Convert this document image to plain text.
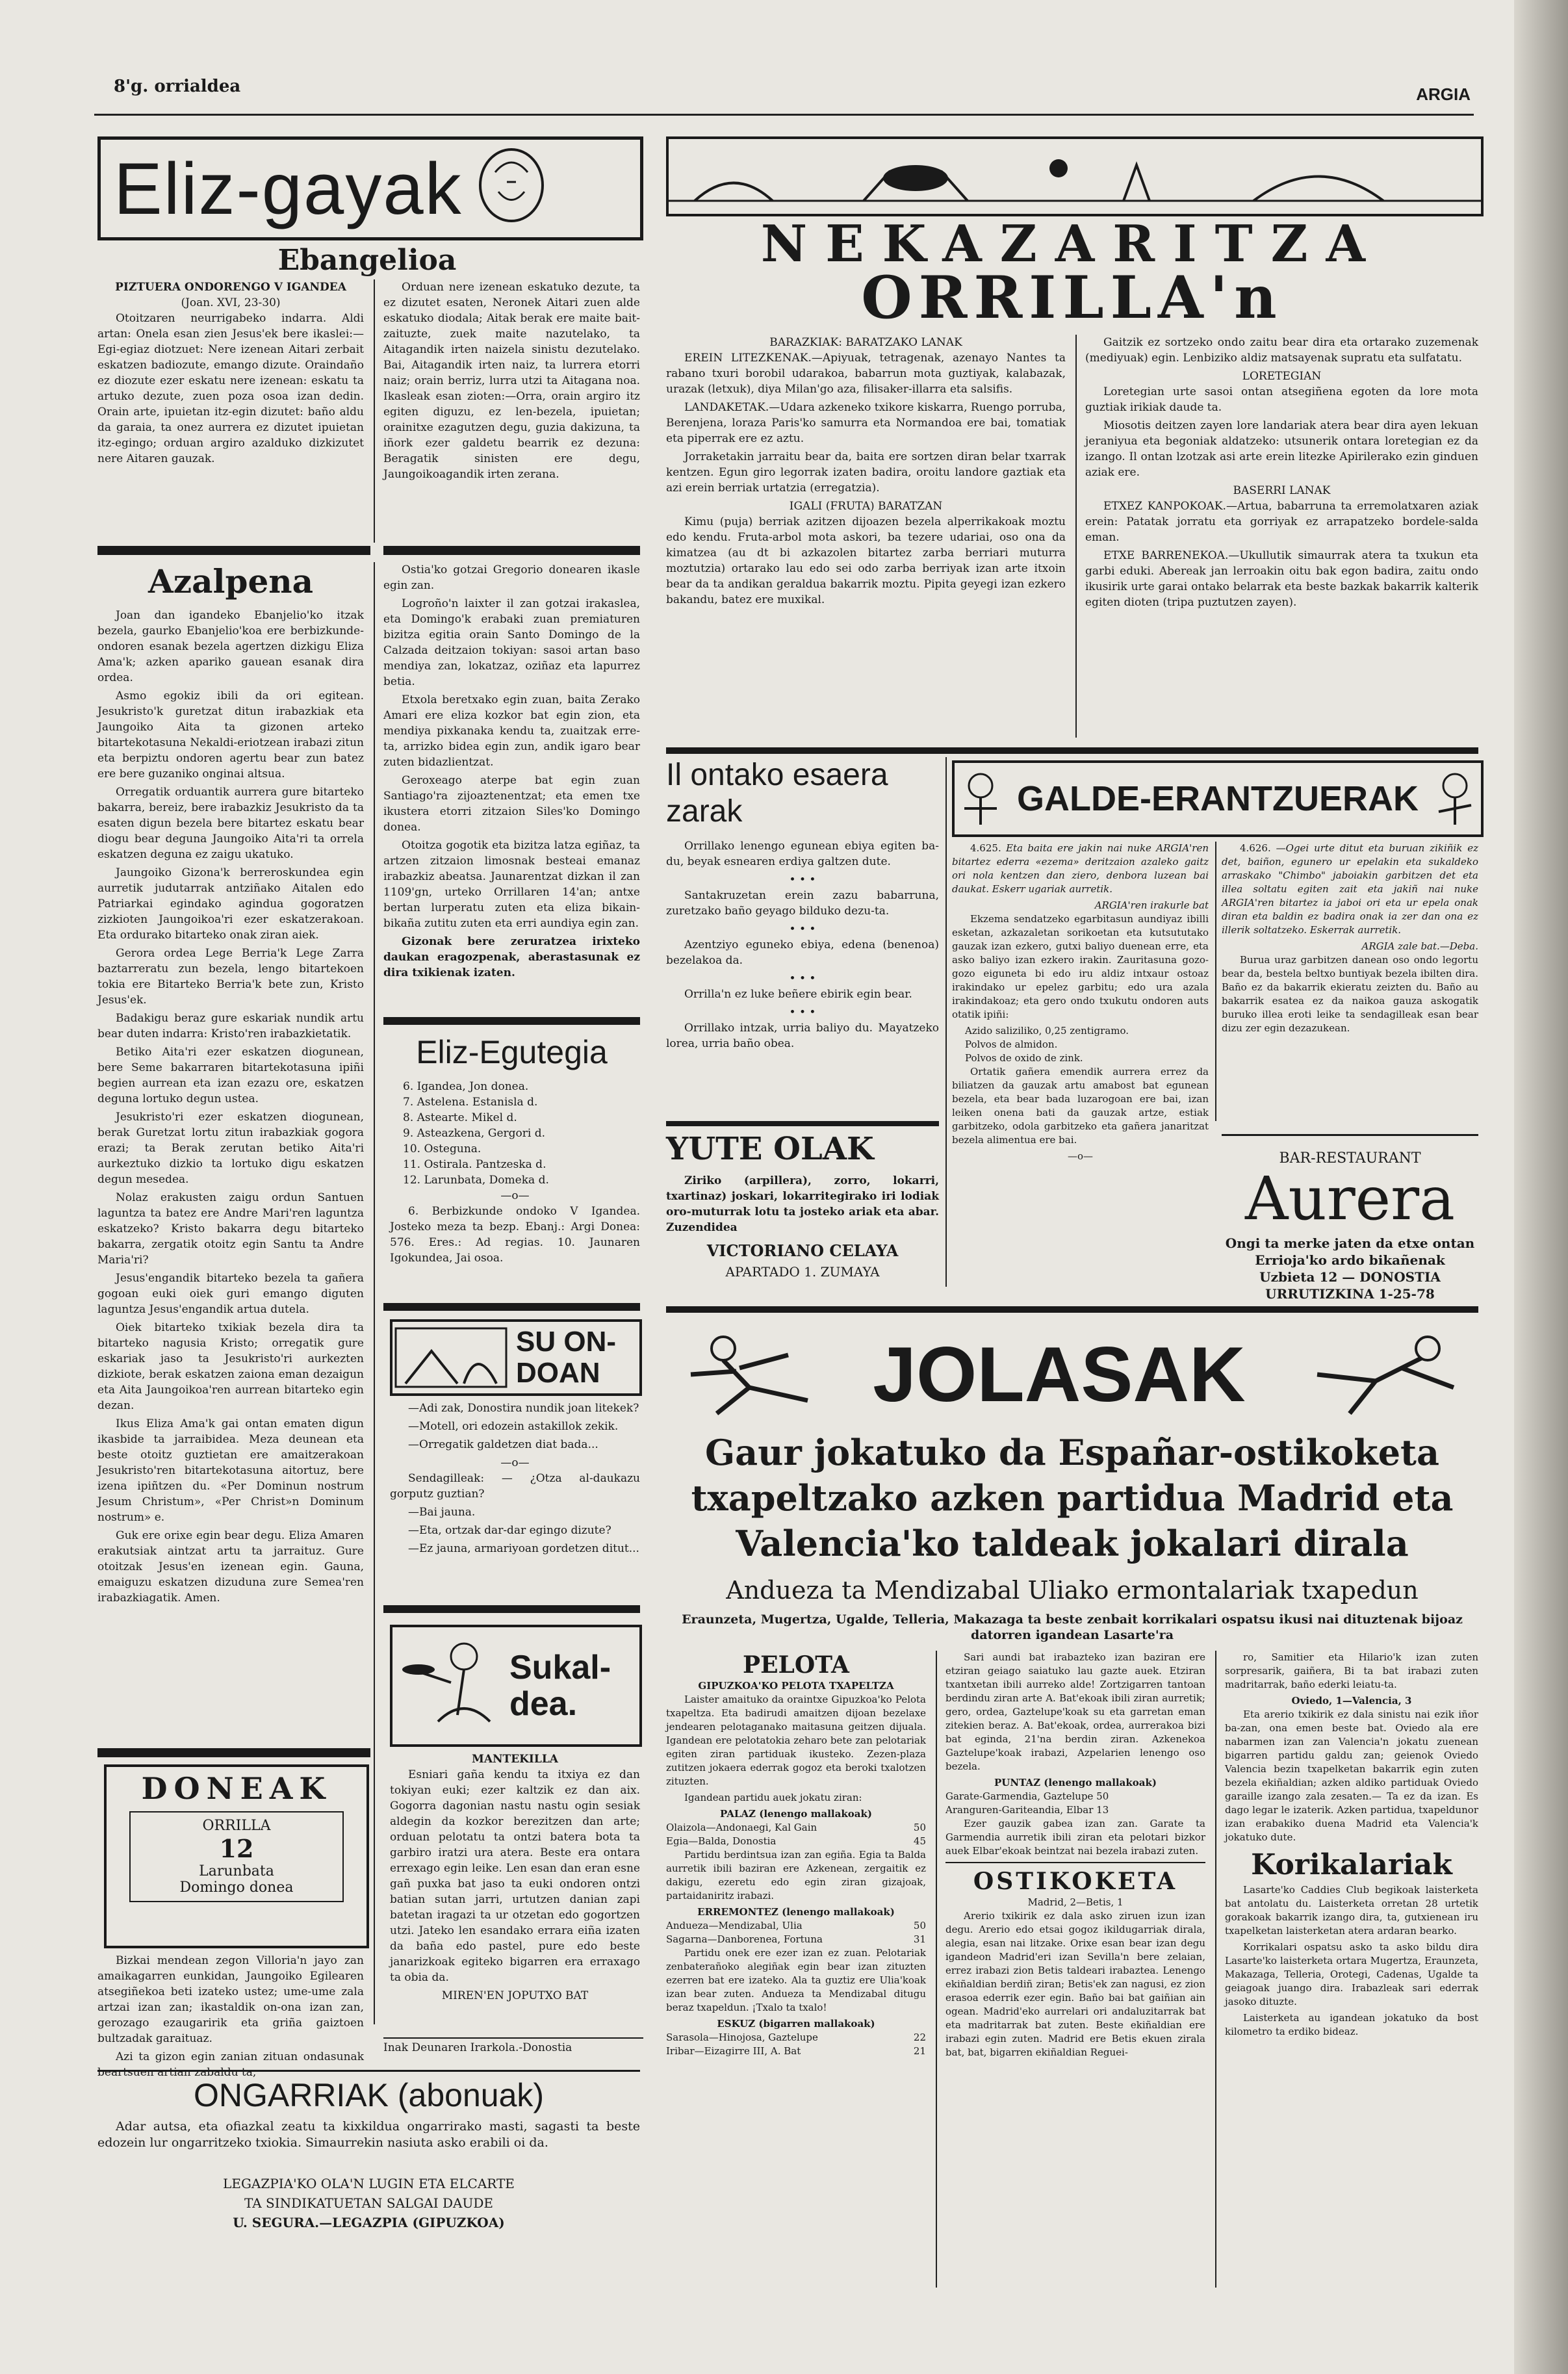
8'g. orrialdea	ARGIA
Eliz-gayak
Ebangelioa
PIZTUERA ONDORENGO V IGANDEA
(Joan. XVI, 23-30)

Otoitzaren neurrigabeko indarra. Aldi artan: Onela esan zien Jesus'ek bere ikaslei:—Egi-egiaz diotzuet: Nere izenean Aitari zerbait eskatzen badiozute, emango dizute. Oraindaño ez diozute ezer eskatu nere izenean: eskatu ta artuko dezute, zuen poza osoa izan dedin. Orain arte, ipuietan itz-egin dizutet: baño aldu da garaia, ta onez aurrera ez dizutet ipuietan itz-egingo; orduan argiro azalduko dizkizutet nere Aitaren gauzak.

Orduan nere izenean eskatuko dezute, ta ez dizutet esaten, Neronek Aitari zuen alde eskatuko diodala; Aitak berak ere maite bait-zaituzte, zuek maite nazutelako, ta Aitagandik irten naizela sinistu dezutelako. Bai, Aitagandik irten naiz, ta lurrera etorri naiz; orain berriz, lurra utzi ta Aitagana noa. Ikasleak esan zioten:—Orra, orain argiro itz egiten diguzu, ez len-bezela, ipuietan; orainitxe ezagutzen degu, guzia dakizuna, ta iñork ezer galdetu bearrik ez dezuna: Beragatik sinisten ere degu, Jaungoikoagandik irten zerana.

Azalpena

Joan dan igandeko Ebanjelio'ko itzak bezela, gaurko Ebanjelio'koa ere berbizkunde-ondoren esanak bezela agertzen dizkigu Eliza Ama'k; azken apariko gauean esanak dira ordea.

Asmo egokiz ibili da ori egitean. Jesukristo'k guretzat ditun irabazkiak eta Jaungoiko Aita ta gizonen arteko bitartekotasuna Nekaldi-eriotzean irabazi zitun eta berpiztu ondoren agertu bear zun batez ere bere guzaniko onginai altsua.

Orregatik orduantik aurrera gure bitarteko bakarra, bereiz, bere irabazkiz Jesukristo da ta esaten digun bezela bere bitartez eskatu bear diogu bear deguna Jaungoiko Aita'ri ta orrela eskatzen deguna ez zaigu ukatuko.

Jaungoiko Gizona'k berreroskundea egin aurretik judutarrak antziñako Aitalen edo Patriarkai egindako agindua gogoratzen zizkioten Jaungoikoa'ri ezer eskatzerakoan. Eta ordurako bitarteko onak ziran aiek.

Gerora ordea Lege Berria'k Lege Zarra baztarreratu zun bezela, lengo bitartekoen tokia ere Bitarteko Berria'k bete zun, Kristo Jesus'ek.

Badakigu beraz gure eskariak nundik artu bear duten indarra: Kristo'ren irabazkietatik.

Betiko Aita'ri ezer eskatzen diogunean, bere Seme bakarraren bitartekotasuna ipiñi begien aurrean eta izan ezazu ore, eskatzen deguna lortuko degun ustea.

Jesukristo'ri ezer eskatzen diogunean, berak Guretzat lortu zitun irabazkiak gogora erazi; ta Berak zerutan betiko Aita'ri aurkeztuko dizkio ta lortuko digu eskatzen degun mesedea.

Nolaz erakusten zaigu ordun Santuen laguntza ta batez ere Andre Mari'ren laguntza eskatzeko? Kristo bakarra degu bitarteko bakarra, zergatik otoitz egin Santu ta Andre Maria'ri?

Jesus'engandik bitarteko bezela ta gañera gogoan euki oiek guri emango diguten laguntza Jesus'engandik artua dutela.

Oiek bitarteko txikiak bezela dira ta bitarteko nagusia Kristo; orregatik gure eskariak jaso ta Jesukristo'ri aurkezten dizkiote, berak eskatzen zaiona eman dezaigun eta Aita Jaungoikoa'ren aurrean bitarteko egin dezan.

Ikus Eliza Ama'k gai ontan ematen digun ikasbide ta jarraibidea. Meza deunean eta beste otoitz guztietan ere amaitzerakoan Jesukristo'ren bitartekotasuna aitortuz, bere izena ipiñtzen du. «Per Dominun nostrum Jesum Christum», «Per Christ»n Dominum nostrum» e.

Guk ere orixe egin bear degu. Eliza Amaren erakutsiak aintzat artu ta jarraituz. Gure otoitzak Jesus'en izenean egin. Gauna, emaiguzu eskatzen dizuduna zure Semea'ren irabazkiagatik. Amen.

Ostia'ko gotzai Gregorio donearen ikasle egin zan.

Logroño'n laixter il zan gotzai irakaslea, eta Domingo'k erabaki zuan premiaturen bizitza egitia orain Santo Domingo de la Calzada deitzaion tokiyan: sasoi artan baso mendiya zan, lokatzaz, oziñaz eta lapurrez betia.

Etxola beretxako egin zuan, baita Zerako Amari ere eliza kozkor bat egin zion, eta mendiya pixkanaka kendu ta, zuaitzak erre-ta, arrizko bidea egin zun, andik igaro bear zuten bidazlientzat.

Geroxeago aterpe bat egin zuan Santiago'ra zijoaztenentzat; eta emen txe ikustera etorri zitzaion Siles'ko Domingo donea.

Otoitza gogotik eta bizitza latza egiñaz, ta artzen zitzaion limosnak besteai emanaz irabazkiz abeatsa. Jaunarentzat dizkan il zan 1109'gn, urteko Orrillaren 14'an; antxe bertan lurperatu zuten eta eliza bikain-bikaña zutitu zuten eta erri aundiya egin zan.

Gizonak bere zeruratzea irixteko daukan eragozpenak, aberastasunak ez dira txikienak izaten.

Eliz-Egutegia
6. Igandea, Jon donea.
7. Astelena. Estanisla d.
8. Astearte. Mikel d.
9. Asteazkena, Gergori d.
10. Osteguna.
11. Ostirala. Pantzeska d.
12. Larunbata, Domeka d.
—o—

6. Berbizkunde ondoko V Igandea. Josteko meza ta bezp. Ebanj.: Argi Donea: 576. Eres.: Ad regias. 10. Jaunaren Igokundea, Jai osoa.

SU ON-DOAN

—Adi zak, Donostira nundik joan litekek?

—Motell, ori edozein astakillok zekik.

—Orregatik galdetzen diat bada...

—o—

Sendagilleak: — ¿Otza al-daukazu gorputz guztian?

—Bai jauna.

—Eta, ortzak dar-dar egingo dizute?

—Ez jauna, armariyoan gordetzen ditut...

Sukal-dea.
MANTEKILLA

Esniari gaña kendu ta itxiya ez dan tokiyan euki; ezer kaltzik ez dan aix. Gogorra dagonian nastu nastu ogin sesiak aldegin da kozkor berezitzen dan arte; orduan pelotatu ta ontzi batera bota ta garbiro iratzi ura atera. Beste era ontara errexago egin leike. Len esan dan eran esne gañ puxka bat jaso ta euki ondoren ontzi batian sutan jarri, urtutzen danian zapi batetan iragazi ta ur otzetan edo gogortzen utzi. Jateko len esandako errara eiña izaten da baña edo pastel, pure edo beste janarizkoak egiteko bigarren era erraxago ta obia da.

MIREN'EN JOPUTXO BAT
Inak Deunaren Irarkola.-Donostia
DONEAK
ORRILLA
12
Larunbata
Domingo donea

Bizkai mendean zegon Villoria'n jayo zan amaikagarren eunkidan, Jaungoiko Egilearen atsegiñekoa beti izateko ustez; ume-ume zala artzai izan zan; ikastaldik on-ona izan zan, gerozago ezaugaririk eta griña gaiztoen bultzadak garaituaz.

Azi ta gizon egin zanian zituan ondasunak beartsuen artian zabaldu ta,

ONGARRIAK (abonuak)

Adar autsa, eta ofiazkal zeatu ta kixkildua ongarrirako masti, sagasti ta beste edozein lur ongarritzeko txiokia. Simaurrekin nasiuta asko erabili oi da.

LEGAZPIA'KO OLA'N LUGIN ETA ELCARTE
TA SINDIKATUETAN SALGAI DAUDE
U. SEGURA.—LEGAZPIA (GIPUZKOA)
NEKAZARITZA
ORRILLA'n
BARAZKIAK: BARATZAKO LANAK

EREIN LITEZKENAK.—Apiyuak, tetragenak, azenayo Nantes ta rabano txuri borobil udarakoa, babarrun mota guztiyak, kalabazak, urazak (letxuk), diya Milan'go aza, filisaker-illarra eta salsifis.

LANDAKETAK.—Udara azkeneko txikore kiskarra, Ruengo porruba, Berenjena, loraza Paris'ko samurra eta Normandoa ere bai, tomatiak eta piperrak ere ez aztu.

Jorraketakin jarraitu bear da, baita ere sortzen diran belar txarrak kentzen. Egun giro legorrak izaten badira, oroitu landore gaztiak eta azi erein berriak urtatzia (erregatzia).

IGALI (FRUTA) BARATZAN

Kimu (puja) berriak azitzen dijoazen bezela alperrikakoak moztu edo kendu. Fruta-arbol mota askori, ba tezere udariai, oso ona da kimatzea (au dt bi azkazolen bitartez zarba berriari muturra moztutzia) ortarako lau edo sei odo zarba berriyak izan arte itxoin bear da ta andikan geraldua bakarrik moztu. Pipita geyegi izan ezkero bakandu, batez ere muxikal.

Gaitzik ez sortzeko ondo zaitu bear dira eta ortarako zuzemenak (mediyuak) egin. Lenbiziko aldiz matsayenak supratu eta sulfatatu.

LORETEGIAN

Loretegian urte sasoi ontan atsegiñena egoten da lore mota guztiak irikiak daude ta.

Miosotis deitzen zayen lore landariak atera bear dira ayen lekuan jeraniyua eta begoniak aldatzeko: utsunerik ontara loretegian ez da izango. Il ontan lzotzak asi arte erein litezke Apirilerako ezin ginduen aziak ere.

BASERRI LANAK

ETXEZ KANPOKOAK.—Artua, babarruna ta erremolatxaren aziak erein: Patatak jorratu eta gorriyak ez arrapatzeko bordele-salda eman.

ETXE BARRENEKOA.—Ukullutik simaurrak atera ta txukun eta garbi eduki. Abereak jan lerroakin oitu bak egon badira, zaitu ondo ikusirik urte garai ontako belarrak eta beste bazkak bakarrik kalterik egiten dioten (tripa puztutzen zayen).

Il ontako esaera zarak

Orrillako lenengo egunean ebiya egiten ba-du, beyak esnearen erdiya galtzen dute.

• • •

Santakruzetan erein zazu babarruna, zuretzako baño geyago bilduko dezu-ta.

• • •

Azentziyo eguneko ebiya, edena (benenoa) bezelakoa da.

• • •

Orrilla'n ez luke beñere ebirik egin bear.

• • •

Orrillako intzak, urria baliyo du. Mayatzeko lorea, urria baño obea.

YUTE OLAK

Ziriko (arpillera), zorro, lokarri, txartinaz) joskari, lokarritegirako iri lodiak oro-muturrak lotu ta josteko ariak eta abar. Zuzendidea

VICTORIANO CELAYA
APARTADO 1. ZUMAYA
GALDE-ERANTZUERAK

4.625. Eta baita ere jakin nai nuke ARGIA'ren bitartez ederra «ezema» deritzaion azaleko gaitz ori nola kentzen dan ziero, denbora luzean bai daukat. Eskerr ugariak aurretik.

ARGIA'ren irakurle bat

Ekzema sendatzeko egarbitasun aundiyaz ibilli esketan, azkazaletan sorikoetan eta kutsututako gauzak izan ezkero, gutxi baliyo duenean erre, eta asko baliyo izan ezkero irakin. Zauritasuna gozo-gozo eiguneta bi edo iru aldiz intxaur ostoaz irakindako ur epelez garbitu; edo ura azala irakindakoaz; eta gero ondo txukutu ondoren auts otatik ipiñi:

Azido saliziliko, 0,25 zentigramo.
Polvos de almidon.
Polvos de oxido de zink.

Ortatik gañera emendik aurrera errez da biliatzen da gauzak artu amabost bat egunean bezela, eta bear bada luzarogoan ere bai, izan leiken onena bati da gauzak artze, estiak garbitzeko, odola garbitzeko eta gañera janaritzat bezela alimentua ere bai.

—o—

4.626. —Ogei urte ditut eta buruan zikiñik ez det, baiñon, egunero ur epelakin eta sukaldeko arraskako "Chimbo" jaboiakin garbitzen det eta illea soltatu egiten zait eta jakiñ nai nuke ARGIA'ren bitartez ia jaboi ori eta ur epela onak diran eta baldin ez badira onak ia zer dan ona ez illerik soltatzeko. Eskerrak aurretik.

ARGIA zale bat.—Deba.

Burua uraz garbitzen danean oso ondo legortu bear da, bestela beltxo buntiyak bezela ibilten dira. Baño ez da bakarrik ekieratu zeizten du. Baño au bakarrik esatea ez da naikoa gauza askogatik buruko illea eroti leike ta sendagilleak esan bear dizu zer egin dezazukean.

BAR-RESTAURANT
Aurera
Ongi ta merke jaten da etxe ontan
Errioja'ko ardo bikañenak
Uzbieta 12 — DONOSTIA
URRUTIZKINA 1-25-78
JOLASAK
Gaur jokatuko da Españar-ostikoketa txapeltzako azken partidua Madrid eta Valencia'ko taldeak jokalari dirala
Andueza ta Mendizabal Uliako ermontalariak txapedun
Eraunzeta, Mugertza, Ugalde, Telleria, Makazaga ta beste zenbait korrikalari ospatsu ikusi nai dituztenak bijoaz datorren igandean Lasarte'ra
PELOTA
GIPUZKOA'KO PELOTA TXAPELTZA

Laister amaituko da oraintxe Gipuzkoa'ko Pelota txapeltza. Eta badirudi amaitzen dijoan bezelaxe jendearen pelotaganako maitasuna geitzen dijuala. Igandean ere pelotatokia zeharo bete zan pelotariak egiten ziran partiduak ikusteko. Zezen-plaza zutitzen jokaera ederrak gogoz eta beroki txalotzen zituzten.

Igandean partidu auek jokatu ziran:

PALAZ (lenengo mallakoak)
Olaizola—Andonaegi, Kal Gain	50
Egia—Balda, Donostia	45

Partidu berdintsua izan zan egiña. Egia ta Balda aurretik ibili baziran ere Azkenean, zergaitik ez dakigu, ezeretu edo egin ziran gizajoak, partaidaniritz irabazi.

ERREMONTEZ (lenengo mallakoak)
Andueza—Mendizabal, Ulia	50
Sagarna—Danborenea, Fortuna	31

Partidu onek ere ezer izan ez zuan. Pelotariak zenbaterañoko alegiñak egin bear izan zituzten ezerren bat ere izateko. Ala ta guztiz ere Ulia'koak izan bear zuten. Andueza ta Mendizabal ditugu beraz txapeldun. ¡Txalo ta txalo!

ESKUZ (bigarren mallakoak)
Sarasola—Hinojosa, Gaztelupe	22
Iribar—Eizagirre III, A. Bat	21

Sari aundi bat irabazteko izan baziran ere etziran geiago saiatuko lau gazte auek. Etziran txantxetan ibili aurreko alde! Zortzigarren tantoan berdindu ziran arte A. Bat'ekoak ibili ziran aurretik; gero, ordea, Gaztelupe'koak su eta garretan eman zitekien beraz. A. Bat'ekoak, ordea, aurrerakoa bizi bat eginda, 21'na berdin ziran. Azkenekoa Gaztelupe'koak irabazi, Azpelarien lenengo oso bezela.

PUNTAZ (lenengo mallakoak)
Garate-Garmendia, Gaztelupe 50
Aranguren-Gariteandia, Elbar 13

Ezer gauzik gabea izan zan. Garate ta Garmendia aurretik ibili ziran eta pelotari bizkor auek Elbar'ekoak beintzat nai bezela irabazi zuten.

OSTIKOKETA
Madrid, 2—Betis, 1

Arerio txikirik ez dala asko ziruen izun izan degu. Arerio edo etsai gogoz ikildugarriak dirala, alegia, esan nai litzake. Orixe esan bear izan degu igandeon Madrid'eri izan Sevilla'n bere zelaian, errez irabazi zion Betis taldeari irabaztea. Lenengo ekiñaldian berdiñ ziran; Betis'ek zan nagusi, ez zion erasoa ederrik ezer egin. Baño bai bat gaiñian ain ogean. Madrid'eko aurrelari ori andaluzitarrak bat eta madritarrak bat zuten. Beste ekiñaldian ere irabazi egin zuten. Madrid ere Betis ekuen zirala bat, bat, bigarren ekiñaldian Reguei-

ro, Samitier eta Hilario'k izan zuten sorpresarik, gaiñera, Bi ta bat irabazi zuten madritarrak, baño ederki leiatu-ta.

Oviedo, 1—Valencia, 3

Eta arerio txikirik ez dala sinistu nai ezik iñor ba-zan, ona emen beste bat. Oviedo ala ere nabarmen izan zan Valencia'n jokatu zuenean bigarren partidu galdu zan; geienok Oviedo Valencia bezin txapelketan bakarrik egin zuten bezela ekiñaldian; azken aldiko partiduak Oviedo garaille izango zala zesaten.— Ta ez da izan. Es dago legar le izaterik. Azken partidua, txapeldunor izan erabakiko duena Madrid eta Valencia'k jokatuko dute.

Korikalariak

Lasarte'ko Caddies Club begikoak laisterketa bat antolatu du. Laisterketa orretan 28 urtetik gorakoak bakarrik izango dira, ta, gutxienean iru txapelketan laisterketan atera ardaran bearko.

Korrikalari ospatsu asko ta asko bildu dira Lasarte'ko laisterketa ortara Mugertza, Eraunzeta, Makazaga, Telleria, Orotegi, Cadenas, Ugalde ta geiagoak juango dira. Irabazleak sari ederrak jasoko dituzte.

Laisterketa au igandean jokatuko da bost kilometro ta erdiko bideaz.
